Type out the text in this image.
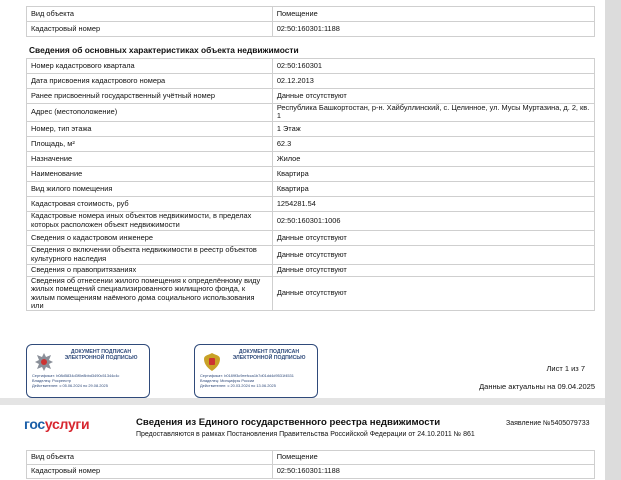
Вид объекта	Помещение
Кадастровый номер	02:50:160301:1188
Сведения об основных характеристиках объекта недвижимости
Номер кадастрового квартала	02:50:160301
Дата присвоения кадастрового номера	02.12.2013
Ранее присвоенный государственный учётный номер	Данные отсутствуют
Адрес (местоположение)	Республика Башкортостан, р-н. Хайбуллинский, с. Целинное, ул. Мусы Муртазина, д. 2, кв. 1
Номер, тип этажа	1 Этаж
Площадь, м²	62.3
Назначение	Жилое
Наименование	Квартира
Вид жилого помещения	Квартира
Кадастровая стоимость, руб	1254281.54
Кадастровые номера иных объектов недвижимости, в пределах которых расположен объект недвижимости	02:50:160301:1006
Сведения о кадастровом инженере	Данные отсутствуют
Сведения о включении объекта недвижимости в реестр объектов культурного наследия	Данные отсутствуют
Сведения о правопритязаниях	Данные отсутствуют
Сведения об отнесении жилого помещения к определённому виду жилых помещений специализированного жилищного фонда, к жилым помещениям наёмного дома социального использования или	Данные отсутствуют
ДОКУМЕНТ ПОДПИСАН ЭЛЕКТРОННОЙ ПОДПИСЬЮ
Сертификат: b08d5834d3f0e8bbd3490c51344c4c
Владелец: Росреестр
Действителен: с 05.06.2024 по 29.08.2025
ДОКУМЕНТ ПОДПИСАН ЭЛЕКТРОННОЙ ПОДПИСЬЮ
Сертификат: b0189f3c9eefcca1b7d01dd4d9531f4531
Владелец: Минцифры России
Действителен: с 20.03.2024 по 13.06.2025
Лист 1 из 7
Данные актуальны на 09.04.2025
госуслуги	Сведения из Единого государственного реестра недвижимости
Предоставляются в рамках Постановления Правительства Российской Федерации от 24.10.2011 № 861
Заявление №5405079733
Вид объекта	Помещение
Кадастровый номер	02:50:160301:1188
